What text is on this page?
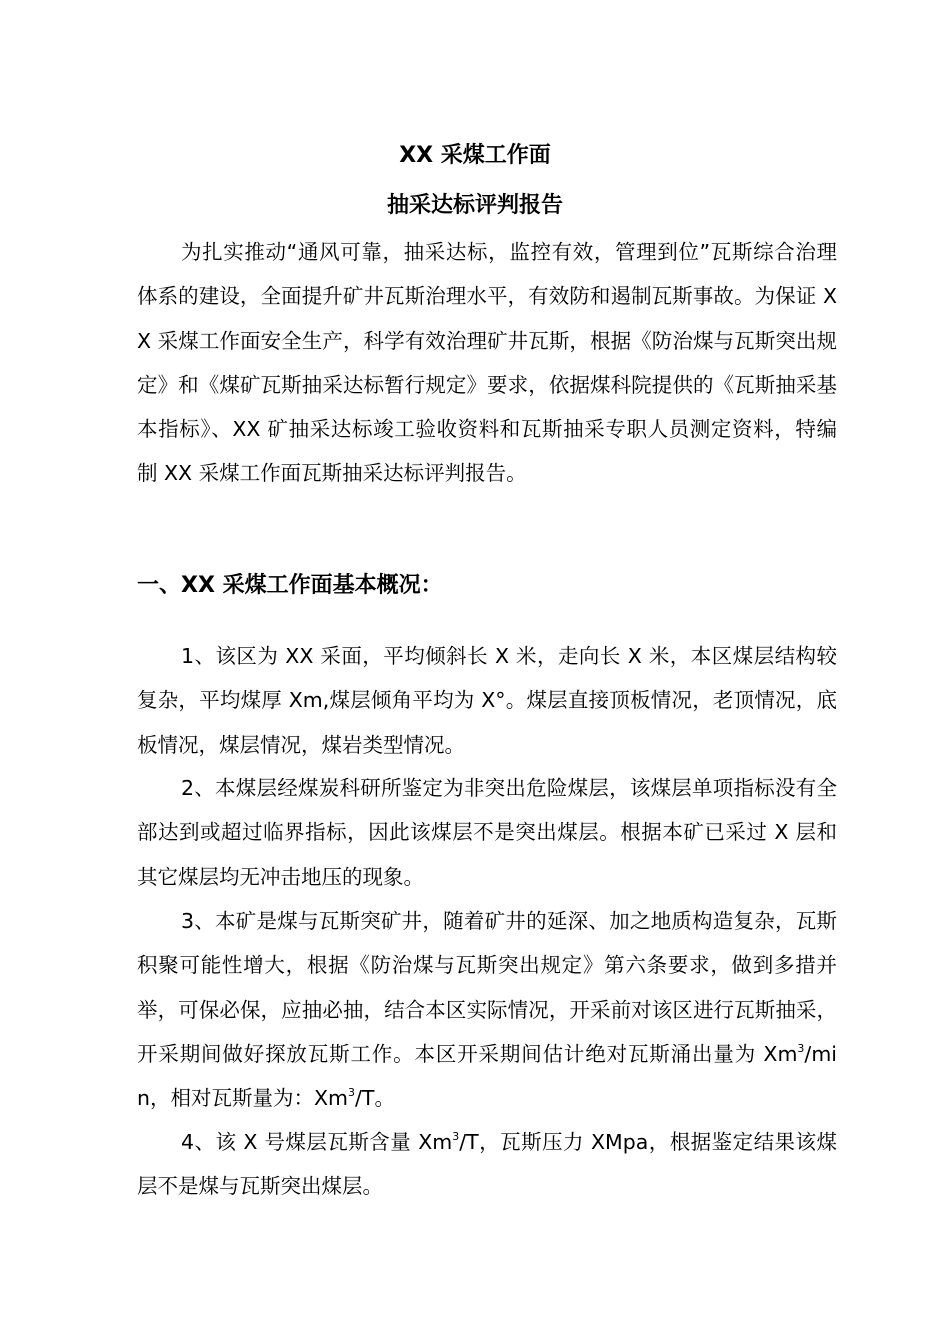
XX 采煤工作面
抽采达标评判报告
为扎实推动“通风可靠，抽采达标，监控有效，管理到位”瓦斯综合治理体系的建设，全面提升矿井瓦斯治理水平，有效防和遏制瓦斯事故。为保证 XX 采煤工作面安全生产，科学有效治理矿井瓦斯，根据《防治煤与瓦斯突出规定》和《煤矿瓦斯抽采达标暂行规定》要求，依据煤科院提供的《瓦斯抽采基本指标》、XX 矿抽采达标竣工验收资料和瓦斯抽采专职人员测定资料，特编制 XX 采煤工作面瓦斯抽采达标评判报告。
一、XX 采煤工作面基本概况：
1、该区为 XX 采面，平均倾斜长 X 米，走向长 X 米，本区煤层结构较复杂，平均煤厚 Xm,煤层倾角平均为 X°。煤层直接顶板情况，老顶情况，底板情况，煤层情况，煤岩类型情况。
2、本煤层经煤炭科研所鉴定为非突出危险煤层，该煤层单项指标没有全部达到或超过临界指标，因此该煤层不是突出煤层。根据本矿已采过 X 层和其它煤层均无冲击地压的现象。
3、本矿是煤与瓦斯突矿井，随着矿井的延深、加之地质构造复杂，瓦斯积聚可能性增大，根据《防治煤与瓦斯突出规定》第六条要求，做到多措并举，可保必保，应抽必抽，结合本区实际情况，开采前对该区进行瓦斯抽采，开采期间做好探放瓦斯工作。本区开采期间估计绝对瓦斯涌出量为 Xm$^3$/min，相对瓦斯量为：Xm$^3$/T。
4、该 X 号煤层瓦斯含量 Xm$^3$/T，瓦斯压力 XMpa，根据鉴定结果该煤层不是煤与瓦斯突出煤层。
